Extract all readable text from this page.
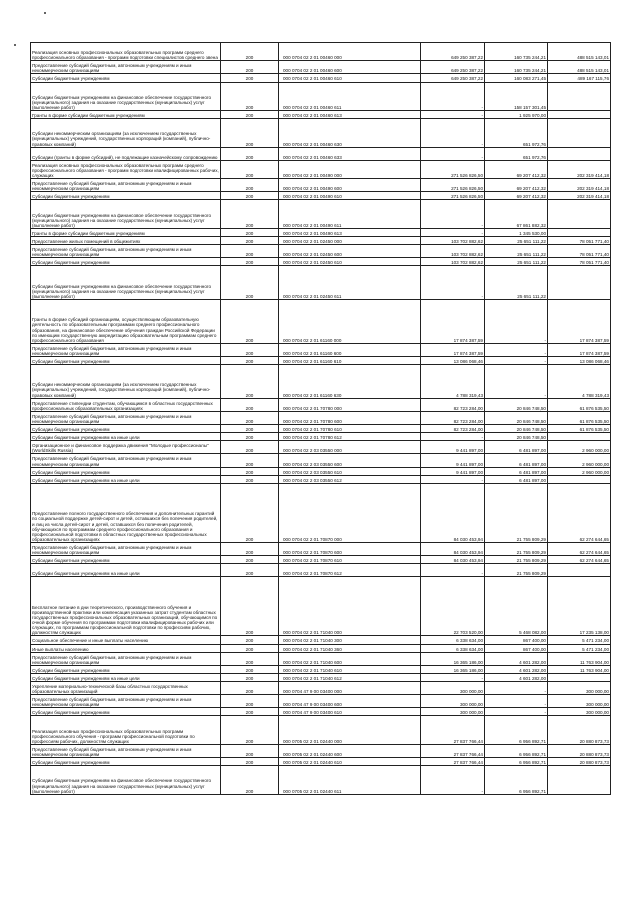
Реализация основных профессиональных образовательных программ среднего профессионального образования - программ подготовки специалистов среднего звена	200	000 0704 02 2 01 00460 000	649 250 387,22	160 735 244,21	488 515 143,01
Предоставление субсидий бюджетным, автономным учреждениям и иным некоммерческим организациям	200	000 0704 02 2 01 00460 600	649 250 387,22	160 735 244,21	488 515 143,01
Субсидии бюджетным учреждениям	200	000 0704 02 2 01 00460 610	649 250 387,22	160 083 271,45	489 167 115,76
Субсидии бюджетным учреждениям на финансовое обеспечение государственного (муниципального) задания на оказание государственных (муниципальных) услуг (выполнение работ)	200	000 0704 02 2 01 00460 611	-	158 157 301,45	
Гранты в форме субсидии бюджетным учреждениям	200	000 0704 02 2 01 00460 613	-	1 925 970,00	
Субсидии некоммерческим организациям (за исключением государственных (муниципальных) учреждений, государственных корпораций (компаний), публично-правовых компаний)	200	000 0704 02 2 01 00460 630	-	651 972,76	
Субсидии (гранты в форме субсидий), не подлежащие казначейскому сопровождению	200	000 0704 02 2 01 00460 633	-	651 972,76	
Реализация основных профессиональных образовательных программ среднего профессионального образования - программ подготовки квалифицированных рабочих, служащих	200	000 0704 02 2 01 00490 000	271 526 826,50	69 207 412,32	202 319 414,18
Предоставление субсидий бюджетным, автономным учреждениям и иным некоммерческим организациям	200	000 0704 02 2 01 00490 600	271 526 826,50	69 207 412,32	202 319 414,18
Субсидии бюджетным учреждениям	200	000 0704 02 2 01 00490 610	271 526 826,50	69 207 412,32	202 319 414,18
Субсидии бюджетным учреждениям на финансовое обеспечение государственного (муниципального) задания на оказание государственных (муниципальных) услуг (выполнение работ)	200	000 0704 02 2 01 00490 611	-	67 861 882,32	
Гранты в форме субсидии бюджетным учреждениям	200	000 0704 02 2 01 00490 613	-	1 345 530,00	
Предоставление жилых помещений в общежитиях	200	000 0704 02 2 01 02450 000	103 702 882,62	25 651 111,22	78 051 771,40
Предоставление субсидий бюджетным, автономным учреждениям и иным некоммерческим организациям	200	000 0704 02 2 01 02450 600	103 702 882,62	25 651 111,22	78 051 771,40
Субсидии бюджетным учреждениям	200	000 0704 02 2 01 02450 610	103 702 882,62	25 651 111,22	78 051 771,40
Субсидии бюджетным учреждениям на финансовое обеспечение государственного (муниципального) задания на оказание государственных (муниципальных) услуг (выполнение работ)	200	000 0704 02 2 01 02450 611	-	25 651 111,22	
Гранты в форме субсидий организациям, осуществляющим образовательную деятельность по образовательным программам среднего профессионального образования, на финансовое обеспечение обучения граждан Российской Федерации по имеющим государственную аккредитацию образовательным программам среднего профессионального образования	200	000 0704 02 2 01 61160 000	17 874 387,59	-	17 874 387,59
Предоставление субсидий бюджетным, автономным учреждениям и иным некоммерческим организациям	200	000 0704 02 2 01 61160 600	17 874 387,59	-	17 874 387,59
Субсидии бюджетным учреждениям	200	000 0704 02 2 01 61160 610	13 086 068,46	-	13 086 068,46
Субсидии некоммерческим организациям (за исключением государственных (муниципальных) учреждений, государственных корпораций (компаний), публично-правовых компаний)	200	000 0704 02 2 01 61160 630	4 788 319,43	-	4 788 319,43
Предоставление стипендии студентам, обучающимся в областных государственных профессиональных образовательных организациях	200	000 0704 02 2 01 70780 000	82 723 284,00	20 846 748,50	61 876 535,50
Предоставление субсидий бюджетным, автономным учреждениям и иным некоммерческим организациям	200	000 0704 02 2 01 70780 600	82 723 284,00	20 846 748,50	61 876 535,50
Субсидии бюджетным учреждениям	200	000 0704 02 2 01 70780 610	82 723 284,00	20 846 748,50	61 876 535,50
Субсидии бюджетным учреждениям на иные цели	200	000 0704 02 2 01 70780 612	-	20 846 748,50	
Организационное и финансовое поддержка движения "Молодые профессионалы" (WorldSkills Russia)	200	000 0704 02 2 03 03550 000	9 441 897,00	6 481 897,00	2 960 000,00
Предоставление субсидий бюджетным, автономным учреждениям и иным некоммерческим организациям	200	000 0704 02 2 03 03550 600	9 441 897,00	6 481 897,00	2 960 000,00
Субсидии бюджетным учреждениям	200	000 0704 02 2 03 03550 610	9 441 897,00	6 481 897,00	2 960 000,00
Субсидии бюджетным учреждениям на иные цели	200	000 0704 02 2 03 03550 612	-	6 481 897,00	
Предоставление полного государственного обеспечения и дополнительных гарантий по социальной поддержке детей-сирот и детей, оставшихся без попечения родителей, и лиц из числа детей-сирот и детей, оставшихся без попечения родителей, обучающихся по программам среднего профессионального образования и профессиональной подготовки в областных государственных профессиональных образовательных организациях	200	000 0704 02 2 01 70870 000	84 030 453,94	21 755 809,29	62 274 644,65
Предоставление субсидий бюджетным, автономным учреждениям и иным некоммерческим организациям	200	000 0704 02 2 01 70870 600	84 030 453,94	21 755 809,29	62 274 644,65
Субсидии бюджетным учреждениям	200	000 0704 02 2 01 70870 610	84 030 453,94	21 755 809,29	62 274 644,65
Субсидии бюджетным учреждениям на иные цели	200	000 0704 02 2 01 70870 612	-	21 755 809,29	
Бесплатное питание в дни теоретического, производственного обучения и производственной практики или компенсация указанных затрат студентам областных государственных профессиональных образовательных организаций, обучающимся по очной форме обучения по программам подготовки квалифицированных рабочих или служащих, по программам профессиональной подготовки по профессиям рабочих, должностям служащих	200	000 0704 02 2 01 71040 000	22 703 520,00	5 468 082,00	17 235 138,00
Социальное обеспечение и иные выплаты населению	200	000 0704 02 2 01 71040 300	6 338 634,00	867 400,00	5 471 234,00
Иные выплаты населению	200	000 0704 02 2 01 71040 360	6 338 634,00	867 400,00	5 471 234,00
Предоставление субсидий бюджетным, автономным учреждениям и иным некоммерческим организациям	200	000 0704 02 2 01 71040 600	16 365 186,00	4 601 282,00	11 763 904,00
Субсидии бюджетным учреждениям	200	000 0704 02 2 01 71040 610	16 365 186,00	4 601 282,00	11 763 904,00
Субсидии бюджетным учреждениям на иные цели	200	000 0704 02 2 01 71040 612	-	4 601 282,00	
Укрепление материально-технической базы областных государственных образовательных организаций	200	000 0704 47 9 00 03400 000	300 000,00	-	300 000,00
Предоставление субсидий бюджетным, автономным учреждениям и иным некоммерческим организациям	200	000 0704 47 9 00 03400 600	300 000,00	-	300 000,00
Субсидии бюджетным учреждениям	200	000 0704 47 9 00 03400 610	300 000,00	-	300 000,00
Реализация основных профессиональных образовательных программ профессионального обучения - программ профессиональной подготовки по профессиям рабочих, должностям служащих	200	000 0705 02 2 01 02440 000	27 837 766,44	6 956 892,71	20 880 873,73
Предоставление субсидий бюджетным, автономным учреждениям и иным некоммерческим организациям	200	000 0705 02 2 01 02440 600	27 837 766,44	6 956 892,71	20 880 873,73
Субсидии бюджетным учреждениям	200	000 0705 02 2 01 02440 610	27 837 766,44	6 956 892,71	20 880 873,73
Субсидии бюджетным учреждениям на финансовое обеспечение государственного (муниципального) задания на оказание государственных (муниципальных) услуг (выполнение работ)	200	000 0705 02 2 01 02440 611	-	6 956 892,71	
